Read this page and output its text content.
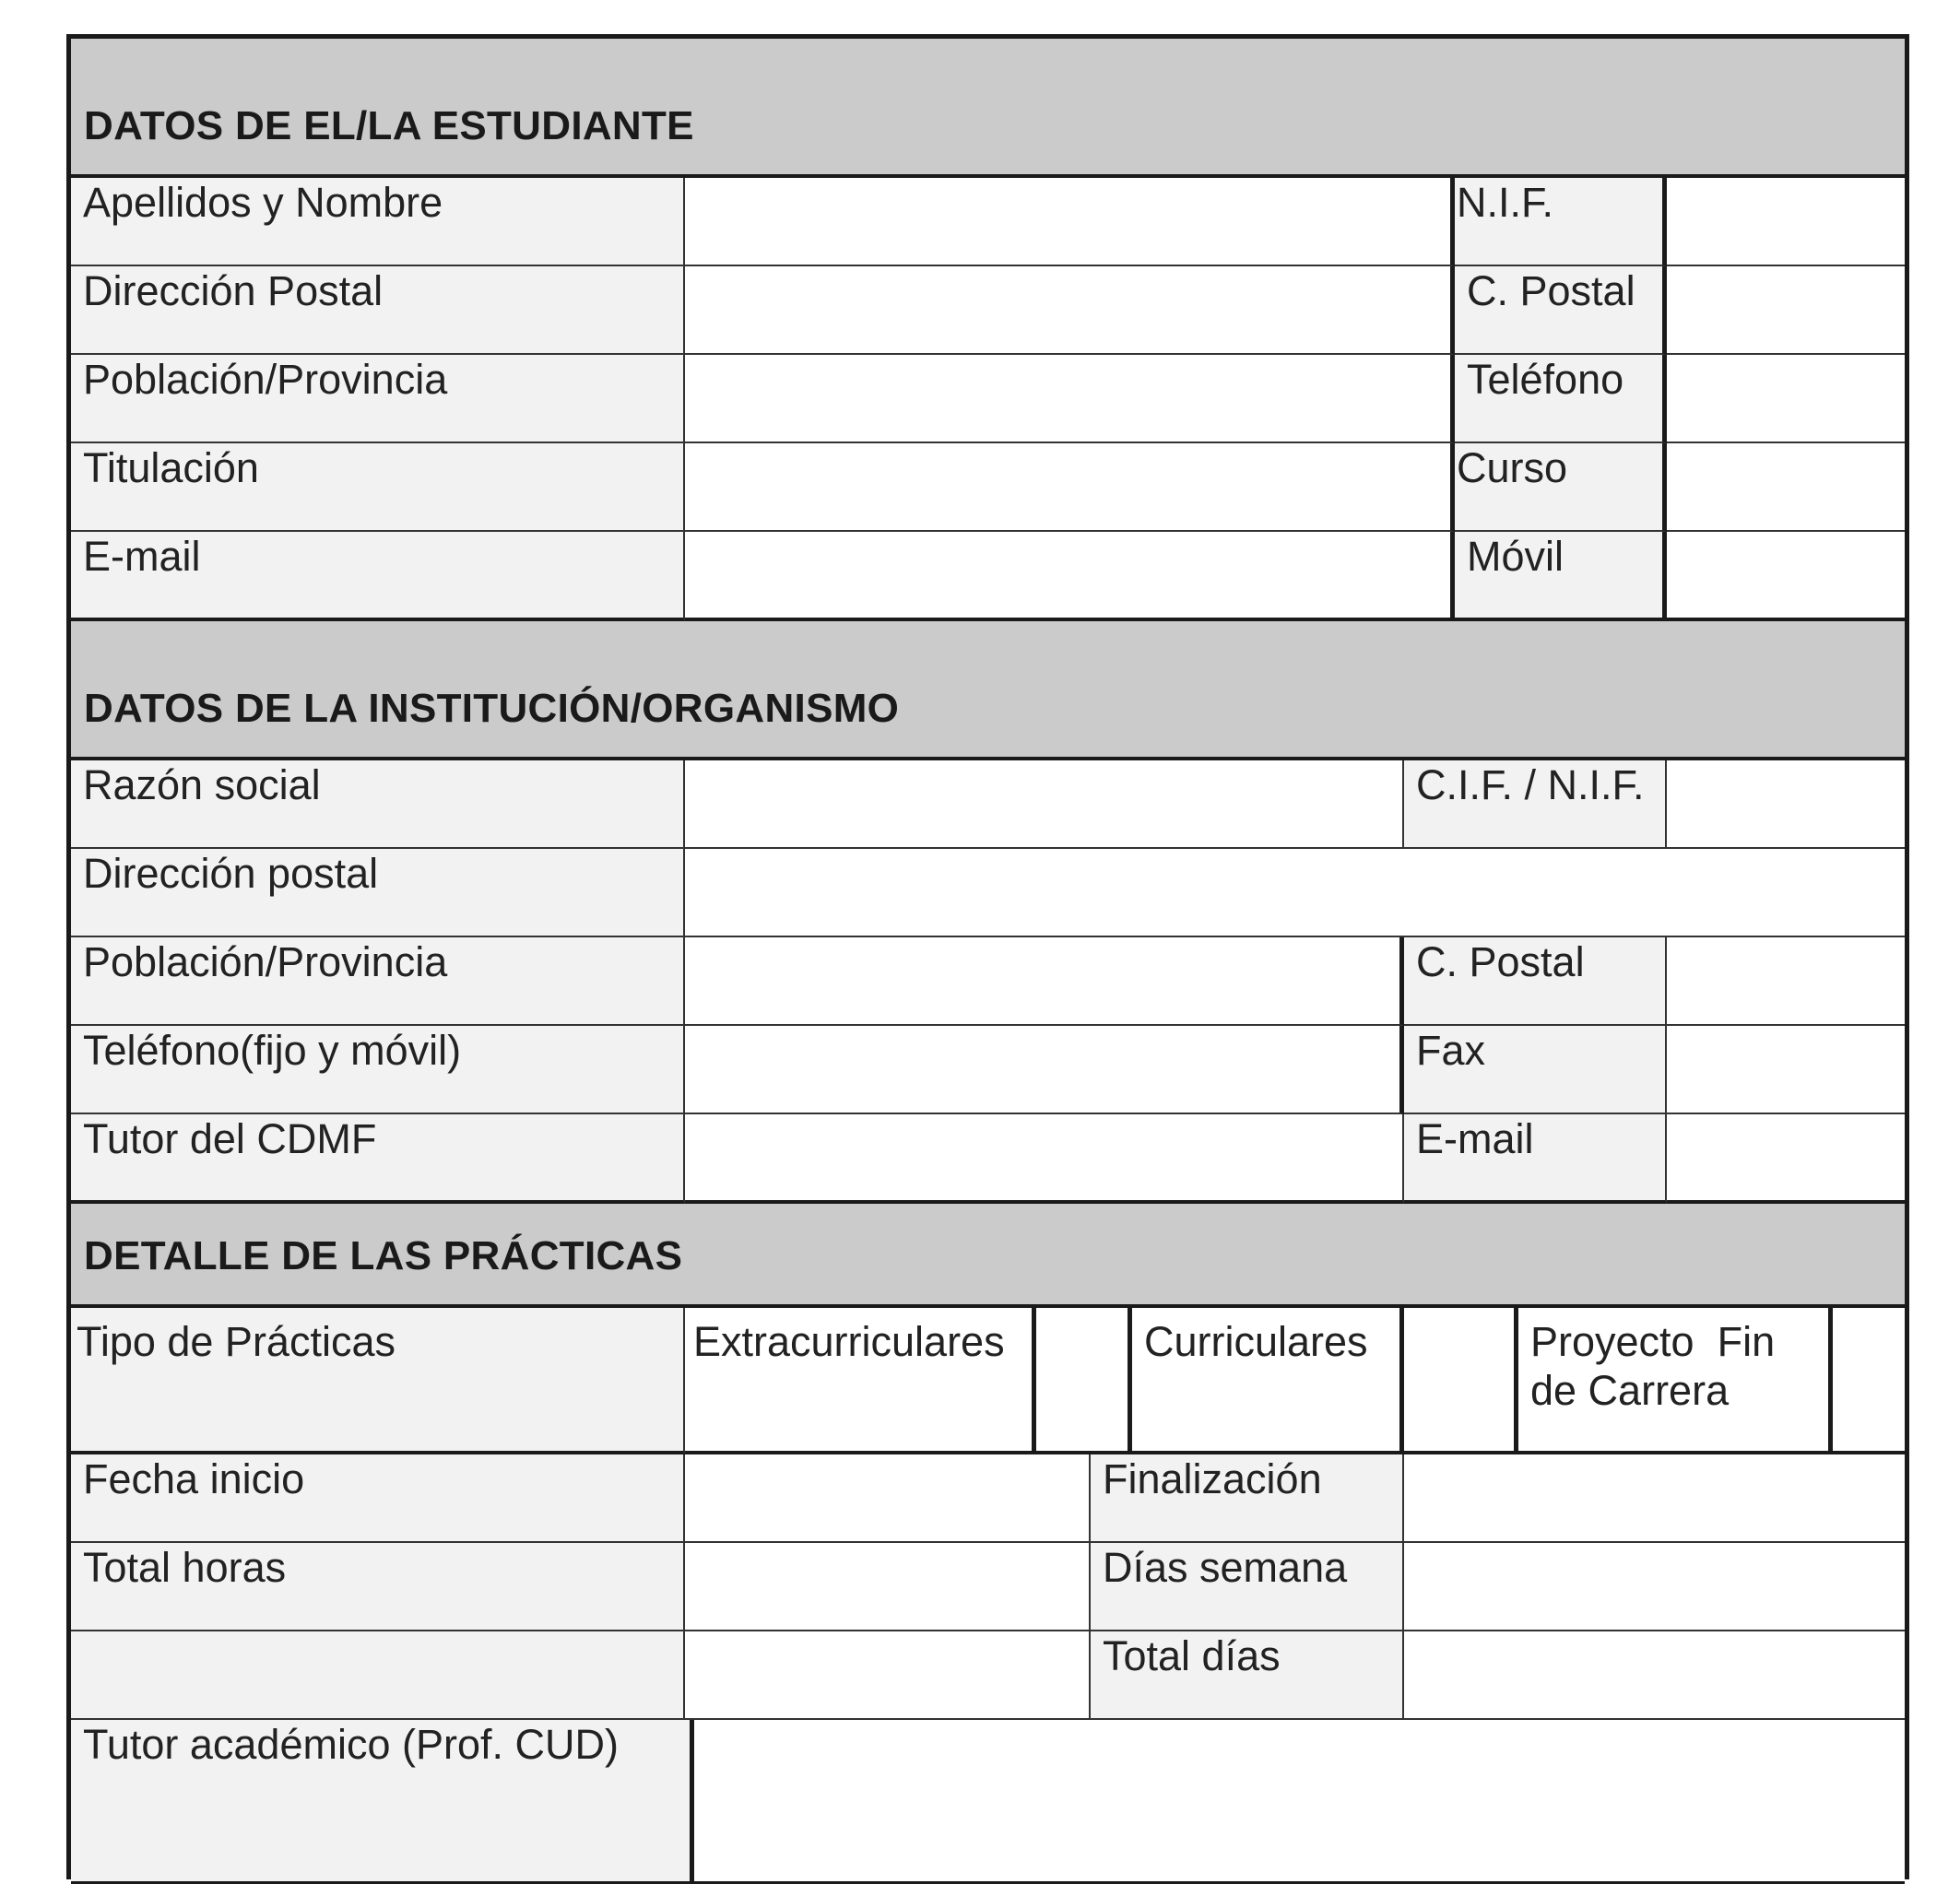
DATOS DE EL/LA ESTUDIANTE
Apellidos y Nombre	N.I.F.
Dirección Postal	C. Postal
Población/Provincia	Teléfono
Titulación	Curso
E-mail	Móvil
DATOS DE LA INSTITUCIÓN/ORGANISMO
Razón social	C.I.F. / N.I.F.
Dirección postal
Población/Provincia	C. Postal
Teléfono(fijo y móvil)	Fax
Tutor del CDMF	E-mail
DETALLE DE LAS PRÁCTICAS
Tipo de Prácticas	Extracurriculares	Curriculares	Proyecto  Fin de Carrera
Fecha inicio	Finalización
Total horas	Días semana
Total días
Tutor académico (Prof. CUD)
